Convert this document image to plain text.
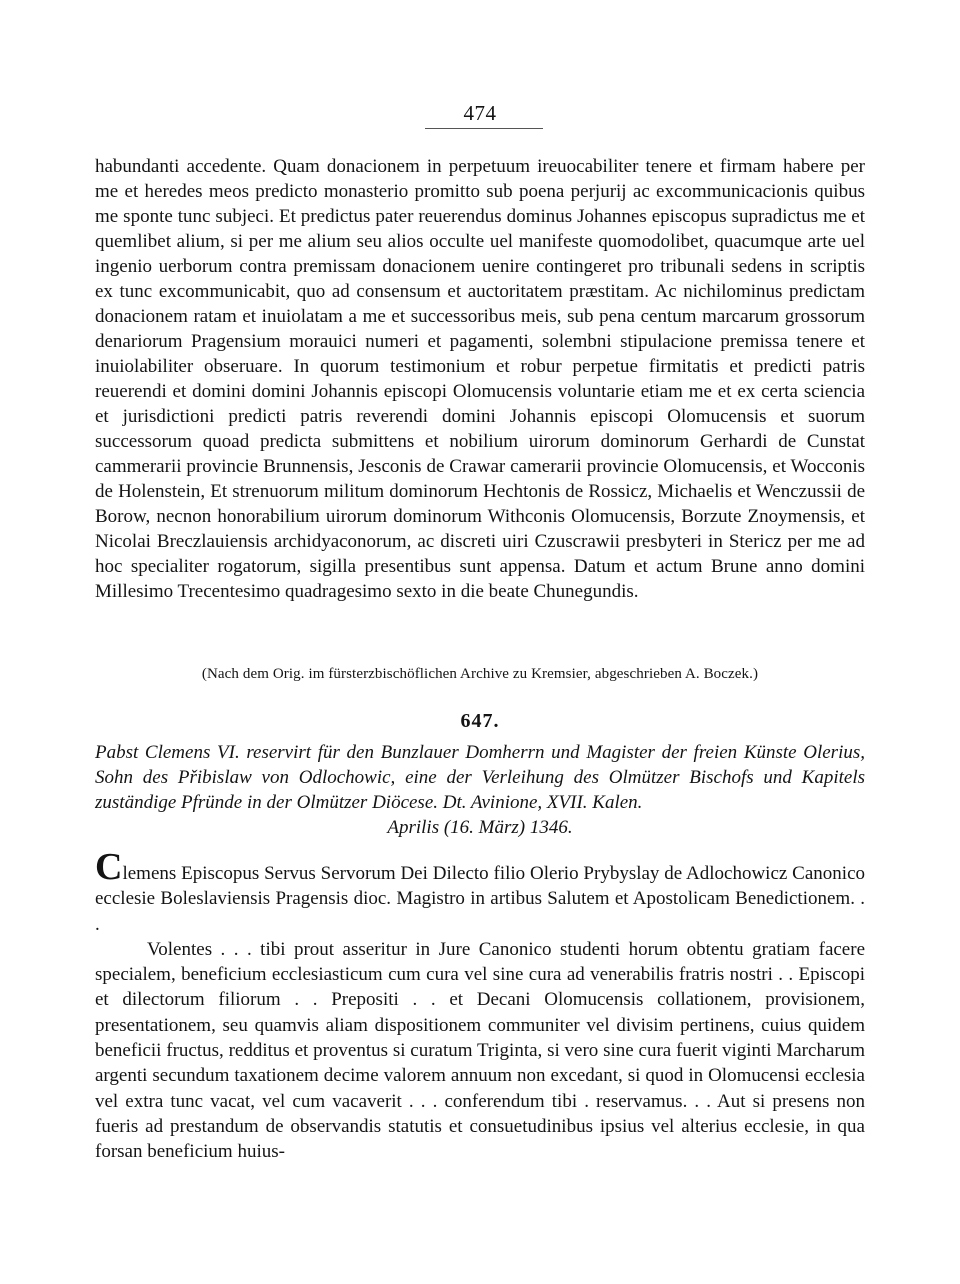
474

habundanti accedente. Quam donacionem in perpetuum ireuocabiliter tenere et firmam habere per me et heredes meos predicto monasterio promitto sub poena perjurij ac excommunicacionis quibus me sponte tunc subjeci. Et predictus pater reuerendus dominus Johannes episcopus supradictus me et quemlibet alium, si per me alium seu alios occulte uel manifeste quomodolibet, quacumque arte uel ingenio uerborum contra premissam donacionem uenire contingeret pro tribunali sedens in scriptis ex tunc excommunicabit, quo ad consensum et auctoritatem præstitam. Ac nichilominus predictam donacionem ratam et inuiolatam a me et successoribus meis, sub pena centum marcarum grossorum denariorum Pragensium morauici numeri et pagamenti, solembni stipulacione premissa tenere et inuiolabiliter obseruare. In quorum testimonium et robur perpetue firmitatis et predicti patris reuerendi et domini domini Johannis episcopi Olomucensis voluntarie etiam me et ex certa sciencia et jurisdictioni predicti patris reverendi domini Johannis episcopi Olomucensis et suorum successorum quoad predicta submittens et nobilium uirorum dominorum Gerhardi de Cunstat cammerarii provincie Brunnensis, Jesconis de Crawar camerarii provincie Olomucensis, et Wocconis de Holenstein, Et strenuorum militum dominorum Hechtonis de Rossicz, Michaelis et Wenczussii de Borow, necnon honorabilium uirorum dominorum Withconis Olomucensis, Borzute Znoymensis, et Nicolai Breczlauiensis archidyaconorum, ac discreti uiri Czuscrawii presbyteri in Stericz per me ad hoc specialiter rogatorum, sigilla presentibus sunt appensa. Datum et actum Brune anno domini Millesimo Trecentesimo quadragesimo sexto in die beate Chunegundis.

(Nach dem Orig. im fürsterzbischöflichen Archive zu Kremsier, abgeschrieben A. Boczek.)
647.
Pabst Clemens VI. reservirt für den Bunzlauer Domherrn und Magister der freien Künste Olerius, Sohn des Přibislaw von Odlochowic, eine der Verleihung des Olmützer Bischofs und Kapitels zuständige Pfründe in der Olmützer Diöcese. Dt. Avinione, XVII. Kalen.
Aprilis (16. März) 1346.

Clemens Episcopus Servus Servorum Dei Dilecto filio Olerio Prybyslay de Adlochowicz Canonico ecclesie Boleslaviensis Pragensis dioc. Magistro in artibus Salutem et Apostolicam Benedictionem. . .

Volentes . . . tibi prout asseritur in Jure Canonico studenti horum obtentu gratiam facere specialem, beneficium ecclesiasticum cum cura vel sine cura ad venerabilis fratris nostri . . Episcopi et dilectorum filiorum . . Prepositi . . et Decani Olomucensis collationem, provisionem, presentationem, seu quamvis aliam dispositionem communiter vel divisim pertinens, cuius quidem beneficii fructus, redditus et proventus si curatum Triginta, si vero sine cura fuerit viginti Marcharum argenti secundum taxationem decime valorem annuum non excedant, si quod in Olomucensi ecclesia vel extra tunc vacat, vel cum vacaverit . . . conferendum tibi . reservamus. . . Aut si presens non fueris ad prestandum de observandis statutis et consuetudinibus ipsius vel alterius ecclesie, in qua forsan beneficium huius-
